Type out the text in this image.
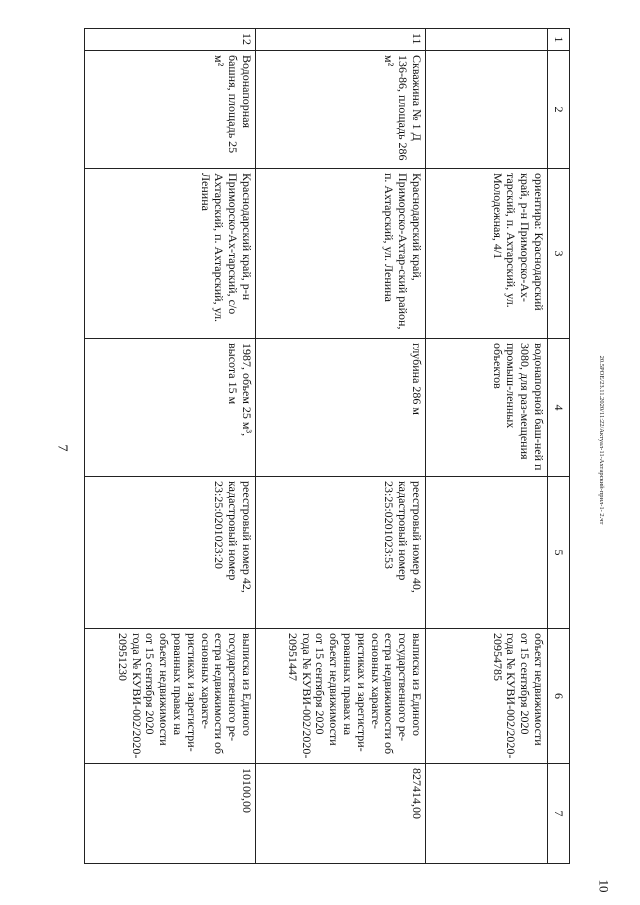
7	20.5РОЕ/23.11.2020/11:22/Актуал-11-Ахтарский-прил-1- 2.чт
10
1	2	3	4	5	6	7
		ориентира: Краснодарский край, р-н Приморско-Ах-тарский, п. Ахтарский, ул. Молодежная, 4/1	водонапорной баш-ней п 3080, для раз-мещения промыш-ленных объектов		объект недвижимости от 15 сентября 2020 года № КУВИ-002/2020-20954785	
11	Скважина № 1 Д 136-86, площадь 286 м²	Краснодарский край, Приморско-Ахтар-ский район, п. Ахтарский, ул. Ленина	глубина 286 м	реестровый номер 40, кадастровый номер 23:25:0201023:53	выписка из Единого государственного ре-естра недвижимости об основных характе-ристиках и зарегистри-рованных правах на объект недвижимости от 15 сентября 2020 года № КУВИ-002/2020-20951447	827414,00
12	Водонапорная башня, площадь 25 м²	Краснодарский край, р-н Приморско-Ах-тарский, с/о Ахтарский, п. Ахтарский, ул. Ленина	1987, объем 25 м³, высота 15 м	реестровый номер 42, кадастровый номер 23:25:0201023:20	выписка из Единого государственного ре-естра недвижимости об основных характе-ристиках и зарегистри-рованных правах на объект недвижимости от 15 сентября 2020 года № КУВИ-002/2020-20951230	10100,00
